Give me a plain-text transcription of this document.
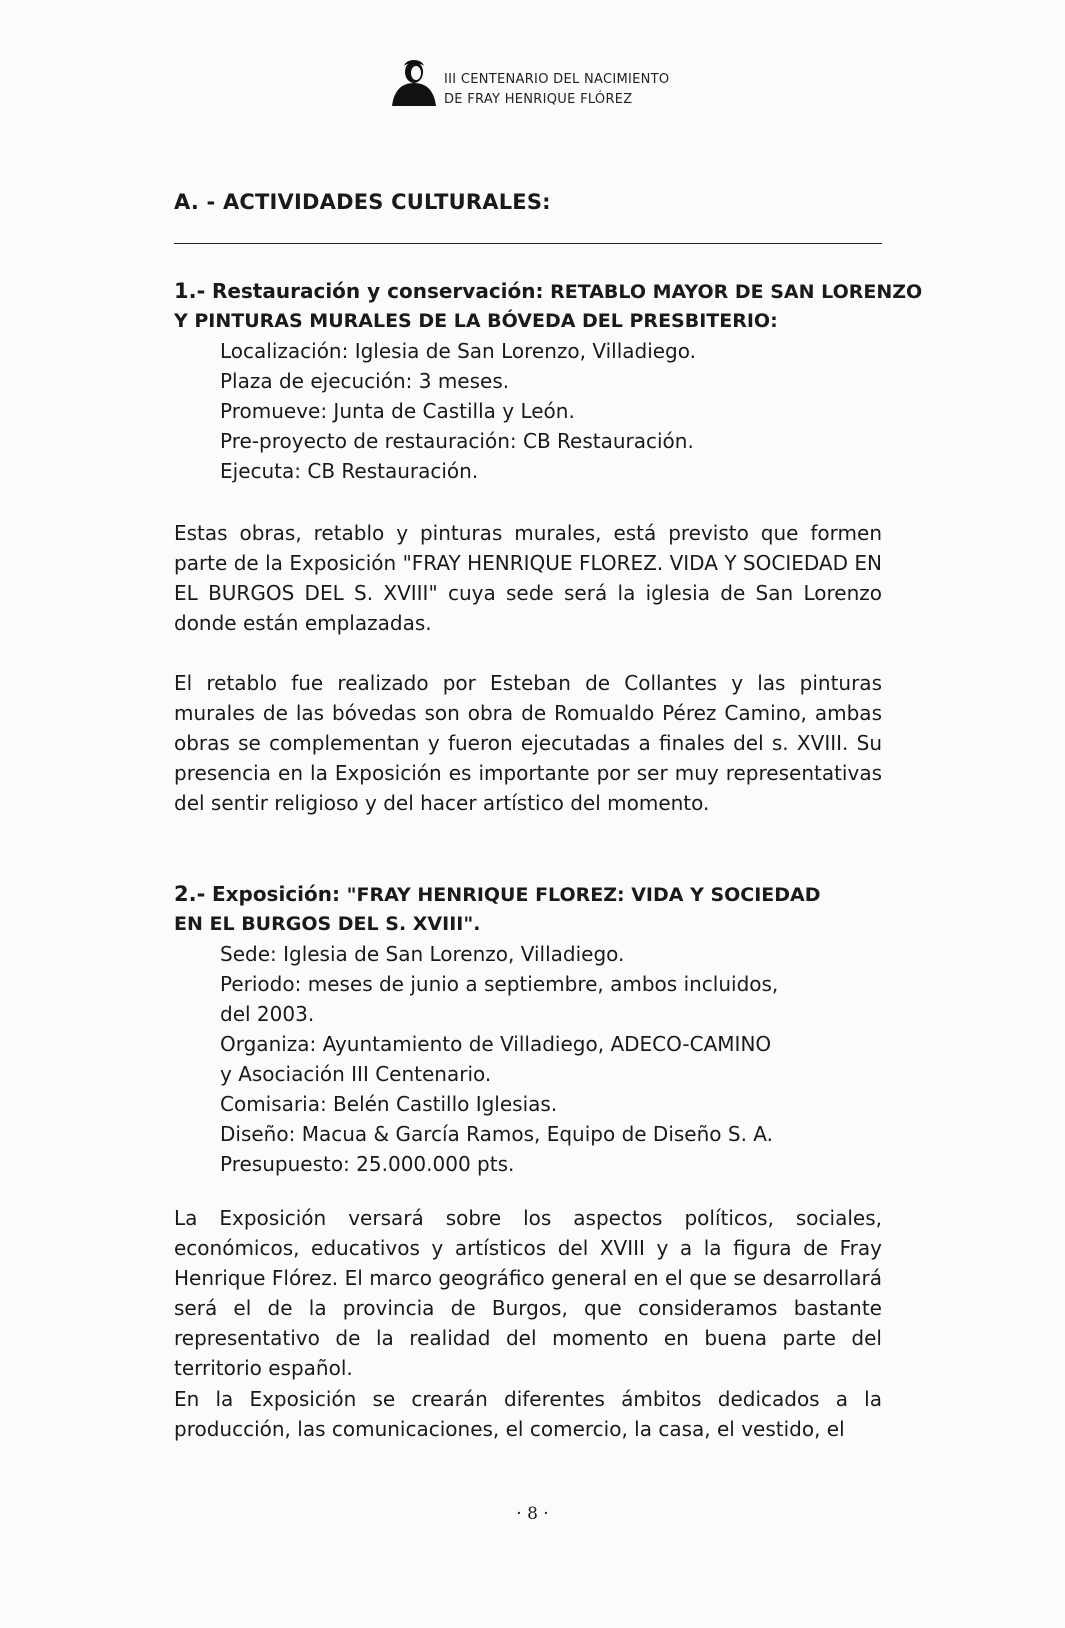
III CENTENARIO DEL NACIMIENTO
DE FRAY HENRIQUE FLÓREZ
A. - ACTIVIDADES CULTURALES:
1.- Restauración y conservación: RETABLO MAYOR DE SAN LORENZO
Y PINTURAS MURALES DE LA BÓVEDA DEL PRESBITERIO:
Localización: Iglesia de San Lorenzo, Villadiego.
Plaza de ejecución: 3 meses.
Promueve: Junta de Castilla y León.
Pre-proyecto de restauración: CB Restauración.
Ejecuta: CB Restauración.
Estas obras, retablo y pinturas murales, está previsto que formen parte de la Exposición "FRAY HENRIQUE FLOREZ. VIDA Y SOCIEDAD EN EL BURGOS DEL S. XVIII" cuya sede será la iglesia de San Lorenzo donde están emplazadas.
El retablo fue realizado por Esteban de Collantes y las pinturas murales de las bóvedas son obra de Romualdo Pérez Camino, ambas obras se complementan y fueron ejecutadas a finales del s. XVIII. Su presencia en la Exposición es importante por ser muy representativas del sentir religioso y del hacer artístico del momento.
2.- Exposición: "FRAY HENRIQUE FLOREZ: VIDA Y SOCIEDAD
EN EL BURGOS DEL S. XVIII".
Sede: Iglesia de San Lorenzo, Villadiego.
Periodo: meses de junio a septiembre, ambos incluidos,
del 2003.
Organiza: Ayuntamiento de Villadiego, ADECO-CAMINO
y Asociación III Centenario.
Comisaria: Belén Castillo Iglesias.
Diseño: Macua & García Ramos, Equipo de Diseño S. A.
Presupuesto: 25.000.000 pts.
La Exposición versará sobre los aspectos políticos, sociales, económicos, educativos y artísticos del XVIII y a la figura de Fray Henrique Flórez. El marco geográfico general en el que se desarrollará será el de la provincia de Burgos, que consideramos bastante representativo de la realidad del momento en buena parte del territorio español.
En la Exposición se crearán diferentes ámbitos dedicados a la producción, las comunicaciones, el comercio, la casa, el vestido, el
· 8 ·
